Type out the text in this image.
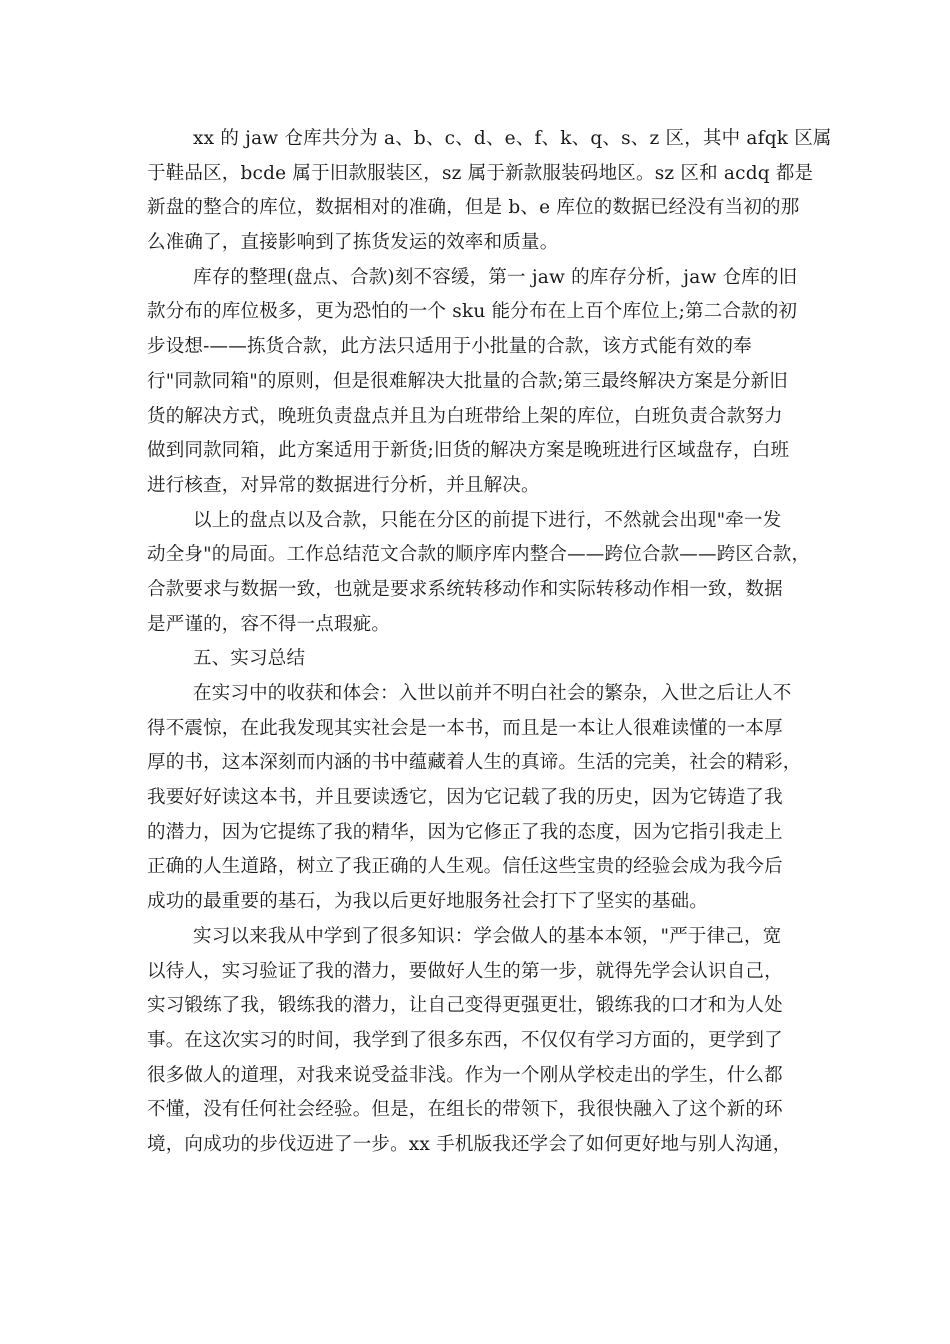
xx 的 jaw 仓库共分为 a、b、c、d、e、f、k、q、s、z 区，其中 afqk 区属
于鞋品区，bcde 属于旧款服装区，sz 属于新款服装码地区。sz 区和 acdq 都是
新盘的整合的库位，数据相对的准确，但是 b、e 库位的数据已经没有当初的那
么准确了，直接影响到了拣货发运的效率和质量。
库存的整理(盘点、合款)刻不容缓，第一 jaw 的库存分析，jaw 仓库的旧
款分布的库位极多，更为恐怕的一个 sku 能分布在上百个库位上;第二合款的初
步设想-——拣货合款，此方法只适用于小批量的合款，该方式能有效的奉
行"同款同箱"的原则，但是很难解决大批量的合款;第三最终解决方案是分新旧
货的解决方式，晚班负责盘点并且为白班带给上架的库位，白班负责合款努力
做到同款同箱，此方案适用于新货;旧货的解决方案是晚班进行区域盘存，白班
进行核查，对异常的数据进行分析，并且解决。
以上的盘点以及合款，只能在分区的前提下进行，不然就会出现"牵一发
动全身"的局面。工作总结范文合款的顺序库内整合——跨位合款——跨区合款，
合款要求与数据一致，也就是要求系统转移动作和实际转移动作相一致，数据
是严谨的，容不得一点瑕疵。
五、实习总结
在实习中的收获和体会：入世以前并不明白社会的繁杂，入世之后让人不
得不震惊，在此我发现其实社会是一本书，而且是一本让人很难读懂的一本厚
厚的书，这本深刻而内涵的书中蕴藏着人生的真谛。生活的完美，社会的精彩，
我要好好读这本书，并且要读透它，因为它记载了我的历史，因为它铸造了我
的潜力，因为它提练了我的精华，因为它修正了我的态度，因为它指引我走上
正确的人生道路，树立了我正确的人生观。信任这些宝贵的经验会成为我今后
成功的最重要的基石，为我以后更好地服务社会打下了坚实的基础。
实习以来我从中学到了很多知识：学会做人的基本本领，"严于律己，宽
以待人，实习验证了我的潜力，要做好人生的第一步，就得先学会认识自己，
实习锻练了我，锻练我的潜力，让自己变得更强更壮，锻练我的口才和为人处
事。在这次实习的时间，我学到了很多东西，不仅仅有学习方面的，更学到了
很多做人的道理，对我来说受益非浅。作为一个刚从学校走出的学生，什么都
不懂，没有任何社会经验。但是，在组长的带领下，我很快融入了这个新的环
境，向成功的步伐迈进了一步。xx 手机版我还学会了如何更好地与别人沟通，
